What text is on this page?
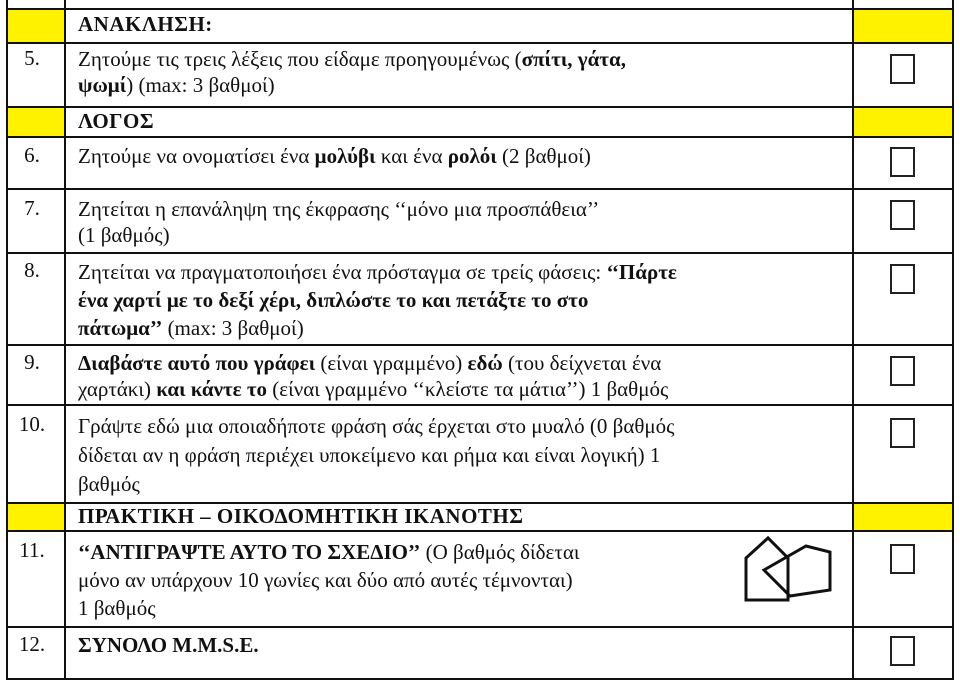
ΑΝΑΚΛΗΣΗ:
5.	Ζητούμε τις τρεις λέξεις που είδαμε προηγουμένως (σπίτι, γάτα,
ψωμί) (max: 3 βαθμοί)
ΛΟΓΟΣ
6.	Ζητούμε να ονοματίσει ένα μολύβι και ένα ρολόι (2 βαθμοί)
7.	Ζητείται η επανάληψη της έκφρασης ‘‘μόνο μια προσπάθεια’’
(1 βαθμός)
8.	Ζητείται να πραγματοποιήσει ένα πρόσταγμα σε τρείς φάσεις: ‘‘Πάρτε
ένα χαρτί με το δεξί χέρι, διπλώστε το και πετάξτε το στο
πάτωμα’’ (max: 3 βαθμοί)
9.	Διαβάστε αυτό που γράφει (είναι γραμμένο) εδώ (του δείχνεται ένα
χαρτάκι) και κάντε το (είναι γραμμένο ‘‘κλείστε τα μάτια’’) 1 βαθμός
10.	Γράψτε εδώ μια οποιαδήποτε φράση σάς έρχεται στο μυαλό (0 βαθμός
δίδεται αν η φράση περιέχει υποκείμενο και ρήμα και είναι λογική) 1
βαθμός
ΠΡΑΚΤΙΚΗ – ΟΙΚΟΔΟΜΗΤΙΚΗ ΙΚΑΝΟΤΗΣ
11.	‘‘ΑΝΤΙΓΡΑΨΤΕ ΑΥΤΟ ΤΟ ΣΧΕΔΙΟ’’ (Ο βαθμός δίδεται
μόνο αν υπάρχουν 10 γωνίες και δύο από αυτές τέμνονται)
1 βαθμός
12.	ΣΥΝΟΛΟ Μ.Μ.S.Ε.
